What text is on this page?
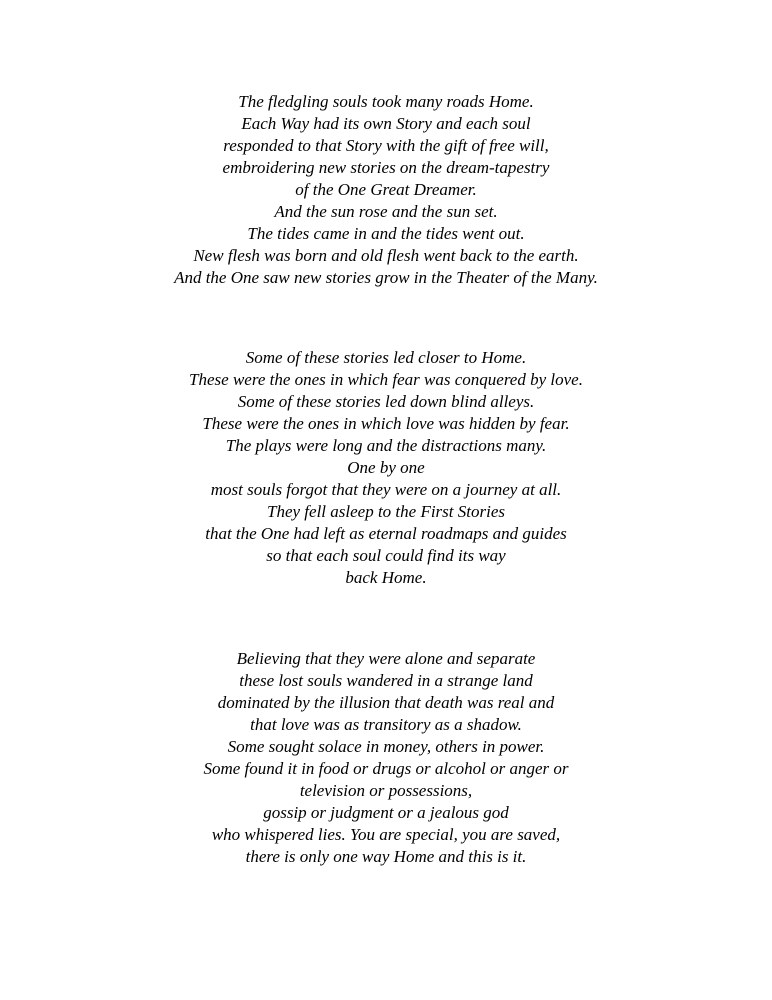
The fledgling souls took many roads Home.
Each Way had its own Story and each soul
responded to that Story with the gift of free will,
embroidering new stories on the dream-tapestry
of the One Great Dreamer.
And the sun rose and the sun set.
The tides came in and the tides went out.
New flesh was born and old flesh went back to the earth.
And the One saw new stories grow in the Theater of the Many.
Some of these stories led closer to Home.
These were the ones in which fear was conquered by love.
Some of these stories led down blind alleys.
These were the ones in which love was hidden by fear.
The plays were long and the distractions many.
One by one
most souls forgot that they were on a journey at all.
They fell asleep to the First Stories
that the One had left as eternal roadmaps and guides
so that each soul could find its way
back Home.
Believing that they were alone and separate
these lost souls wandered in a strange land
dominated by the illusion that death was real and
that love was as transitory as a shadow.
Some sought solace in money, others in power.
Some found it in food or drugs or alcohol or anger or
television or possessions,
gossip or judgment or a jealous god
who whispered lies. You are special, you are saved,
there is only one way Home and this is it.
